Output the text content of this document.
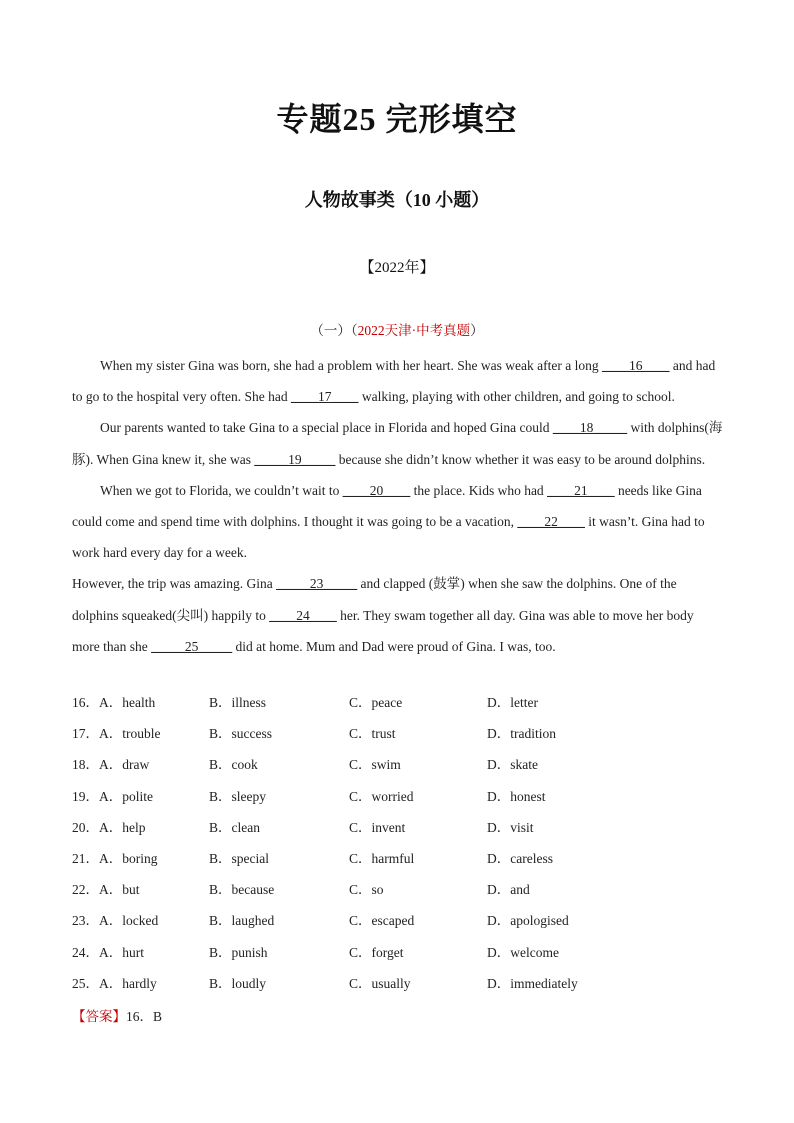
专题25 完形填空
人物故事类（10 小题）
【2022年】
（一）（2022天津·中考真题）

When my sister Gina was born, she had a problem with her heart. She was weak after a long ____16____ and had to go to the hospital very often. She had ____17____ walking, playing with other children, and going to school.

Our parents wanted to take Gina to a special place in Florida and hoped Gina could ____18_____ with dolphins(海豚). When Gina knew it, she was _____19_____ because she didn’t know whether it was easy to be around dolphins.

When we got to Florida, we couldn’t wait to ____20____ the place. Kids who had ____21____ needs like Gina could come and spend time with dolphins. I thought it was going to be a vacation, ____22____ it wasn’t. Gina had to work hard every day for a week.

However, the trip was amazing. Gina _____23_____ and clapped (鼓掌) when she saw the dolphins. One of the dolphins squeaked(尖叫) happily to ____24____ her. They swam together all day. Gina was able to move her body more than she _____25_____ did at home. Mum and Dad were proud of Gina. I was, too.

16．A．health	B．illness	C．peace	D．letter
17．A．trouble	B．success	C．trust	D．tradition
18．A．draw	B．cook	C．swim	D．skate
19．A．polite	B．sleepy	C．worried	D．honest
20．A．help	B．clean	C．invent	D．visit
21．A．boring	B．special	C．harmful	D．careless
22．A．but	B．because	C．so	D．and
23．A．locked	B．laughed	C．escaped	D．apologised
24．A．hurt	B．punish	C．forget	D．welcome
25．A．hardly	B．loudly	C．usually	D．immediately
【答案】16．B
